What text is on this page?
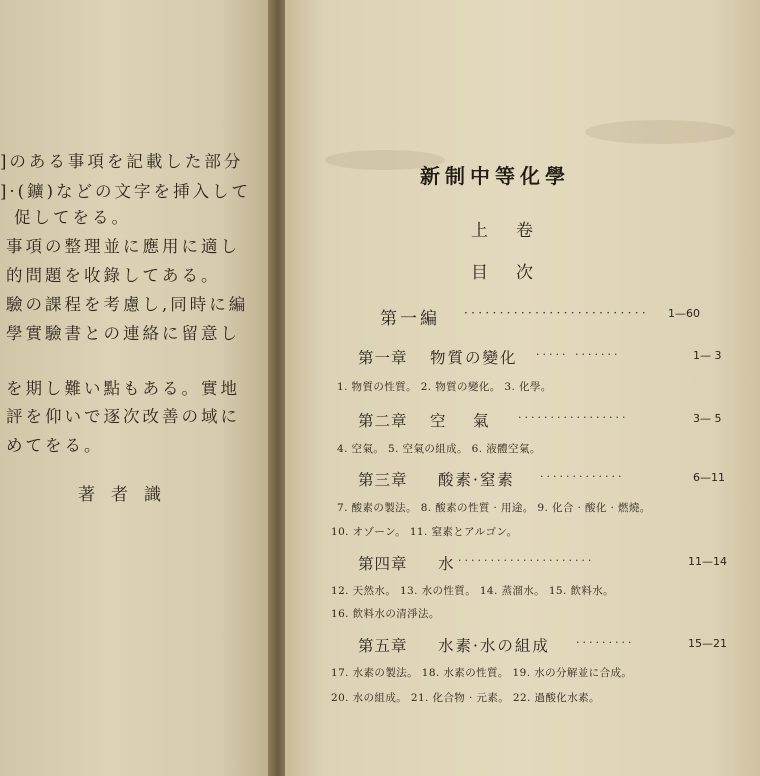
]のある事項を記載した部分
]·(鑛)などの文字を挿入して
促してをる。
事項の整理並に應用に適し
的問題を收錄してある。
驗の課程を考慮し,同時に編
學實驗書との連絡に留意し
を期し難い點もある。實地
評を仰いで逐次改善の域に
めてをる。
著者識
新制中等化學
上卷
目次
第一編 ·························· 1—60
第一章 物質の變化 ····· ·······	1— 3
1. 物質の性質。 2. 物質の變化。 3. 化學。
第二章 空　氣 ·················	3— 5
4. 空氣。 5. 空氣の組成。 6. 液體空氣。
第三章 酸素·窒素 ·············	6—11
7. 酸素の製法。 8. 酸素の性質 · 用途。 9. 化合 · 酸化 · 燃燒。
10. オゾーン。 11. 窒素とアルゴン。
第四章 水 ·····················	11—14
12. 天然水。 13. 水の性質。 14. 蒸溜水。 15. 飲料水。
16. 飲料水の清淨法。
第五章 水素·水の組成 ·········	15—21
17. 水素の製法。 18. 水素の性質。 19. 水の分解並に合成。
20. 水の組成。 21. 化合物 · 元素。 22. 過酸化水素。
